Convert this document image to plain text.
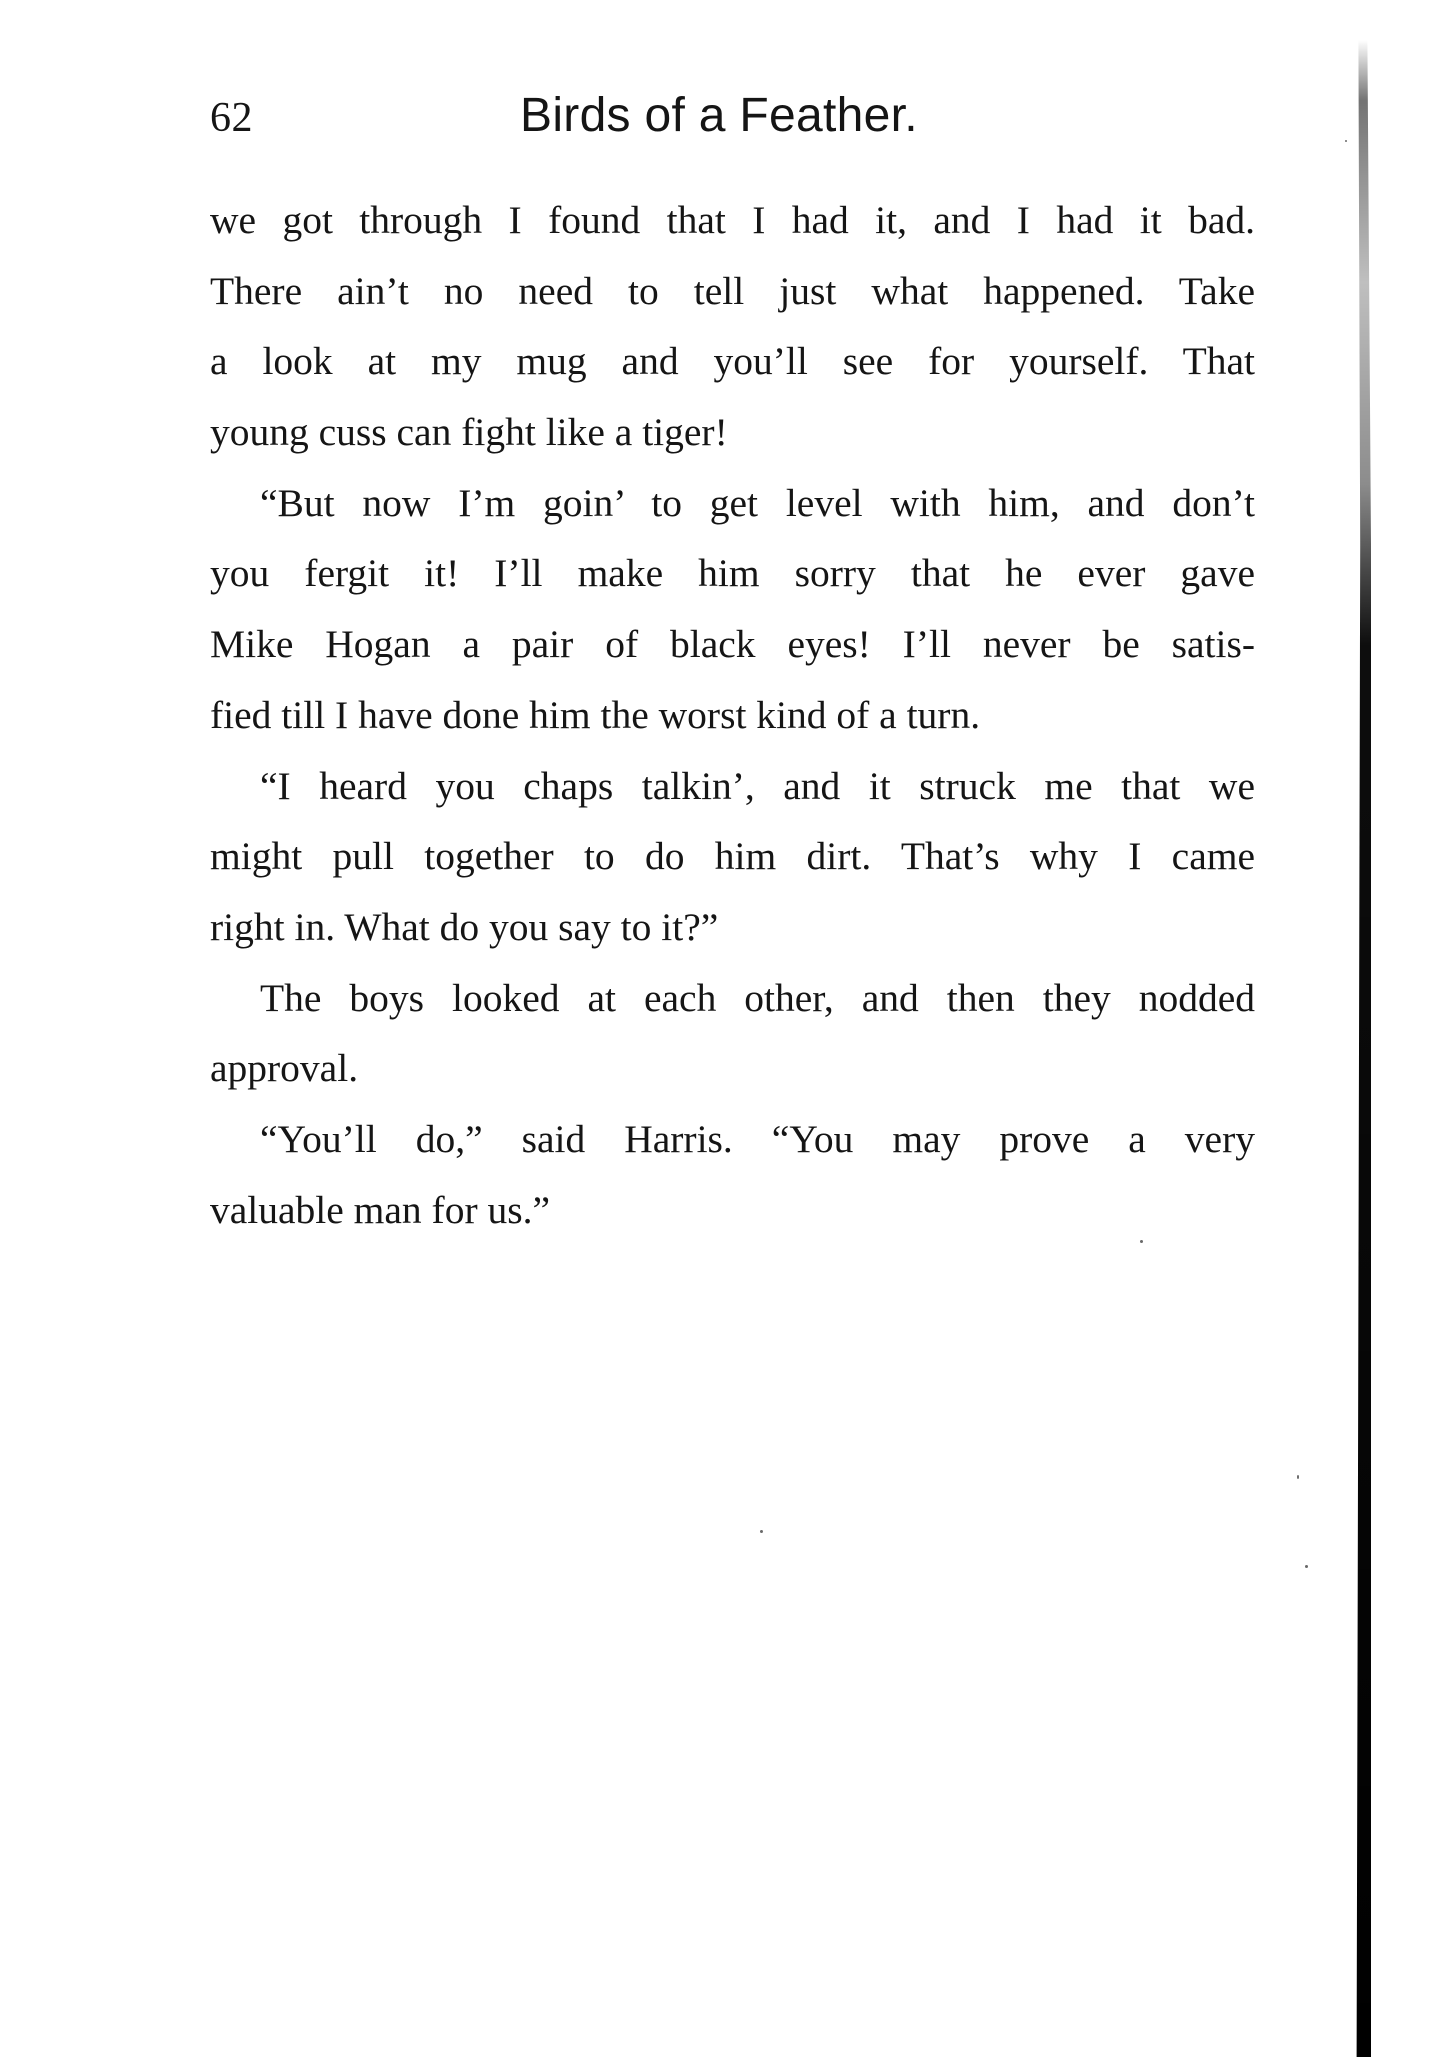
62	Birds of a Feather.
we got through I found that I had it, and I had it bad.
There ain’t no need to tell just what happened. Take
a look at my mug and you’ll see for yourself. That
young cuss can fight like a tiger!
“But now I’m goin’ to get level with him, and don’t
you fergit it! I’ll make him sorry that he ever gave
Mike Hogan a pair of black eyes! I’ll never be satis-
fied till I have done him the worst kind of a turn.
“I heard you chaps talkin’, and it struck me that we
might pull together to do him dirt. That’s why I came
right in. What do you say to it?”
The boys looked at each other, and then they nodded
approval.
“You’ll do,” said Harris. “You may prove a very
valuable man for us.”
